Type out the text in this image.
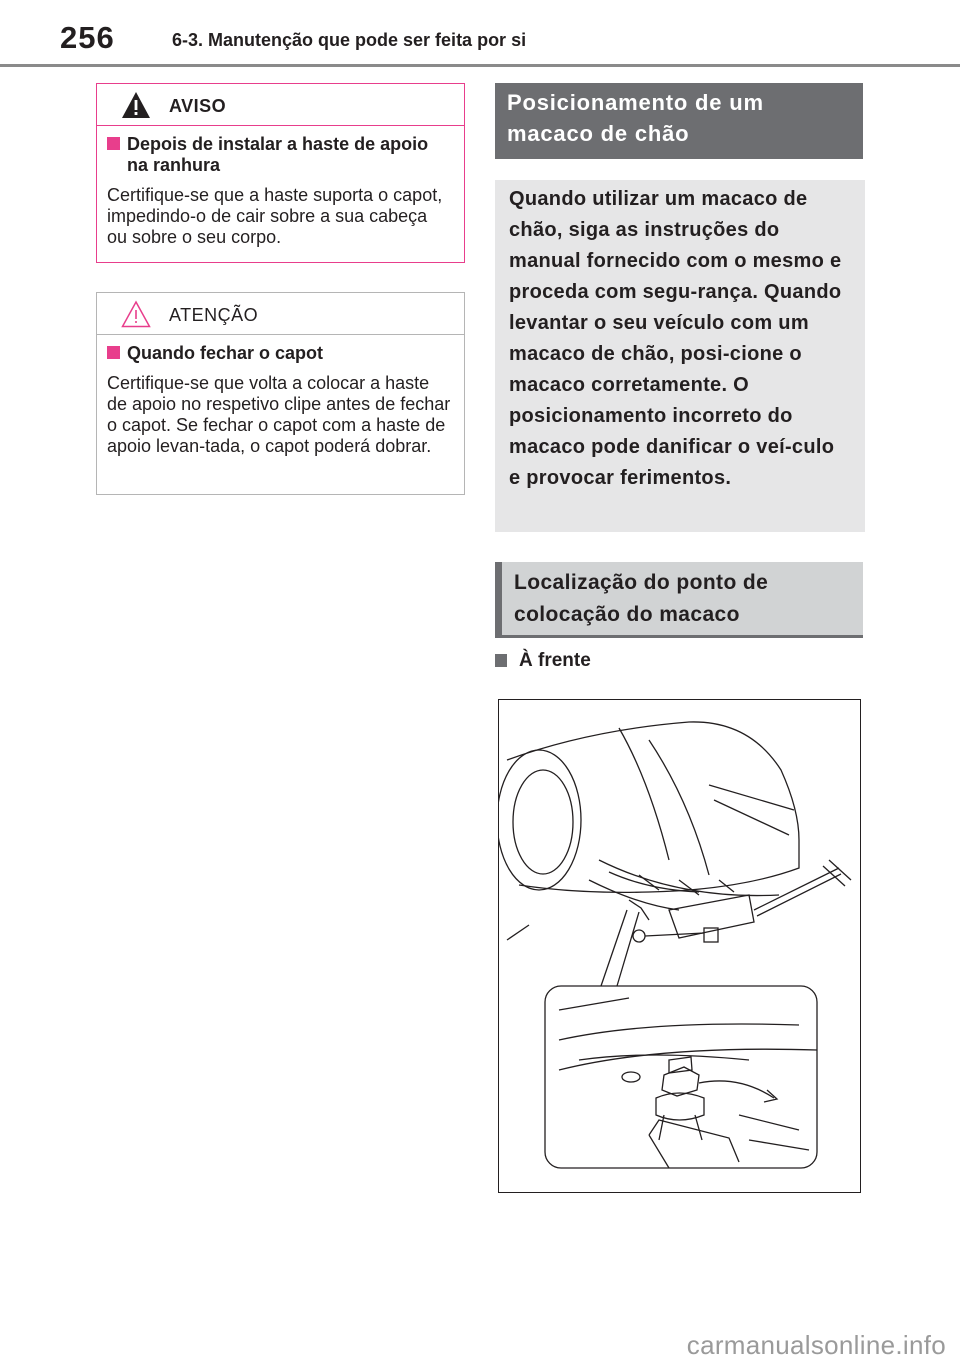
256	6-3. Manutenção que pode ser feita por si
AVISO
Depois de instalar a haste de apoio na ranhura
Certifique-se que a haste suporta o capot, impedindo-o de cair sobre a sua cabeça ou sobre o seu corpo.
ATENÇÃO
Quando fechar o capot
Certifique-se que volta a colocar a haste de apoio no respetivo clipe antes de fechar o capot. Se fechar o capot com a haste de apoio levan-tada, o capot poderá dobrar.
Posicionamento de um macaco de chão
Quando utilizar um macaco de chão, siga as instruções do manual fornecido com o mesmo e proceda com segu-rança. Quando levantar o seu veículo com um macaco de chão, posi-cione o macaco corretamente. O posicionamento incorreto do macaco pode danificar o veí-culo e provocar ferimentos.
Localização do ponto de colocação do macaco
À frente
carmanualsonline.info
